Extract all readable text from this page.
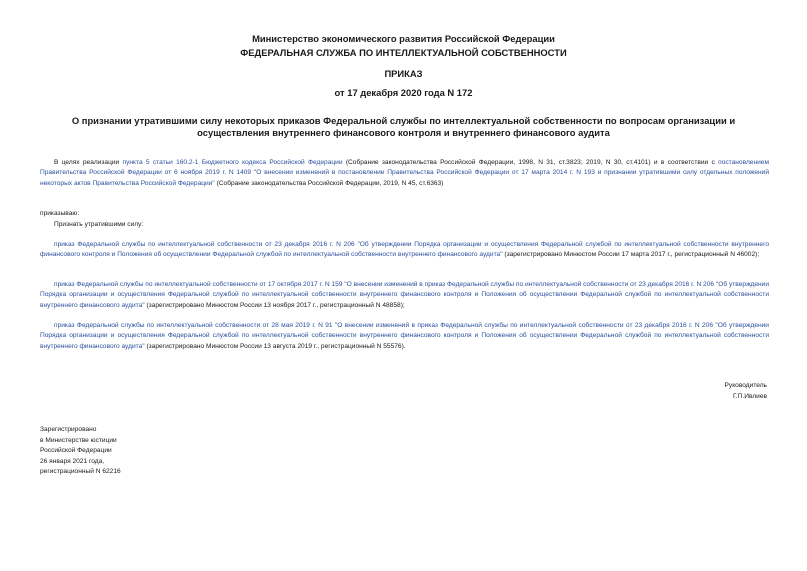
Министерство экономического развития Российской Федерации
ФЕДЕРАЛЬНАЯ СЛУЖБА ПО ИНТЕЛЛЕКТУАЛЬНОЙ СОБСТВЕННОСТИ
ПРИКАЗ
от 17 декабря 2020 года N 172
О признании утратившими силу некоторых приказов Федеральной службы по интеллектуальной собственности по вопросам организации и осуществления внутреннего финансового контроля и внутреннего финансового аудита
В целях реализации пункта 5 статьи 160.2-1 Бюджетного кодекса Российской Федерации (Собрание законодательства Российской Федерации, 1998, N 31, ст.3823; 2019, N 30, ст.4101) и в соответствии с постановлением Правительства Российской Федерации от 6 ноября 2019 г. N 1409 "О внесении изменений в постановление Правительства Российской Федерации от 17 марта 2014 г. N 193 и признании утратившими силу отдельных положений некоторых актов Правительства Российской Федерации" (Собрание законодательства Российской Федерации, 2019, N 45, ст.6363)
приказываю:
Признать утратившими силу:
приказ Федеральной службы по интеллектуальной собственности от 23 декабря 2016 г. N 206 "Об утверждении Порядка организации и осуществления Федеральной службой по интеллектуальной собственности внутреннего финансового контроля и Положения об осуществлении Федеральной службой по интеллектуальной собственности внутреннего финансового аудита" (зарегистрировано Минюстом России 17 марта 2017 г., регистрационный N 46002);
приказ Федеральной службы по интеллектуальной собственности от 17 октября 2017 г. N 159 "О внесении изменений в приказ Федеральной службы по интеллектуальной собственности от 23 декабря 2016 г. N 206 "Об утверждении Порядка организации и осуществления Федеральной службой по интеллектуальной собственности внутреннего финансового контроля и Положения об осуществлении Федеральной службой по интеллектуальной собственности внутреннего финансового аудита" (зарегистрировано Минюстом России 13 ноября 2017 г., регистрационный N 48858);
приказ Федеральной службы по интеллектуальной собственности от 28 мая 2019 г. N 91 "О внесении изменений в приказ Федеральной службы по интеллектуальной собственности от 23 декабря 2016 г. N 206 "Об утверждении Порядка организации и осуществления Федеральной службой по интеллектуальной собственности внутреннего финансового контроля и Положения об осуществлении Федеральной службой по интеллектуальной собственности внутреннего финансового аудита" (зарегистрировано Минюстом России 13 августа 2019 г., регистрационный N 55576).
Руководитель
Г.П.Ивлиев
Зарегистрировано
в Министерстве юстиции
Российской Федерации
26 января 2021 года,
регистрационный N 62216
